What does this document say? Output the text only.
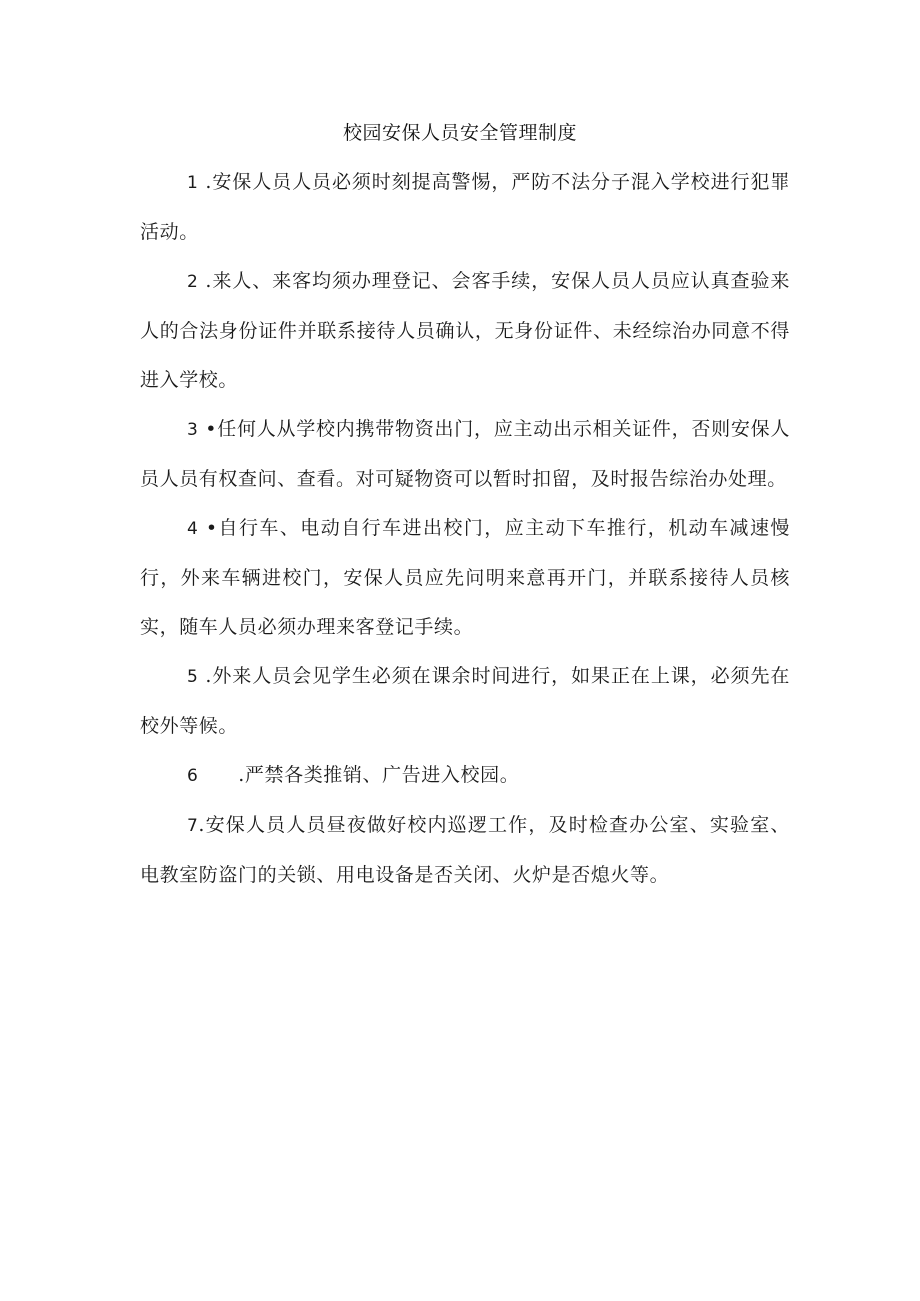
校园安保人员安全管理制度

1 .安保人员人员必须时刻提高警惕，严防不法分子混入学校进行犯罪活动。

2 .来人、来客均须办理登记、会客手续，安保人员人员应认真查验来人的合法身份证件并联系接待人员确认，无身份证件、未经综治办同意不得进入学校。

3 •任何人从学校内携带物资出门，应主动出示相关证件，否则安保人员人员有权查问、查看。对可疑物资可以暂时扣留，及时报告综治办处理。

4 •自行车、电动自行车进出校门，应主动下车推行，机动车减速慢行，外来车辆进校门，安保人员应先问明来意再开门，并联系接待人员核实，随车人员必须办理来客登记手续。

5 .外来人员会见学生必须在课余时间进行，如果正在上课，必须先在校外等候。

6      .严禁各类推销、广告进入校园。

7.安保人员人员昼夜做好校内巡逻工作，及时检查办公室、实验室、电教室防盗门的关锁、用电设备是否关闭、火炉是否熄火等。
